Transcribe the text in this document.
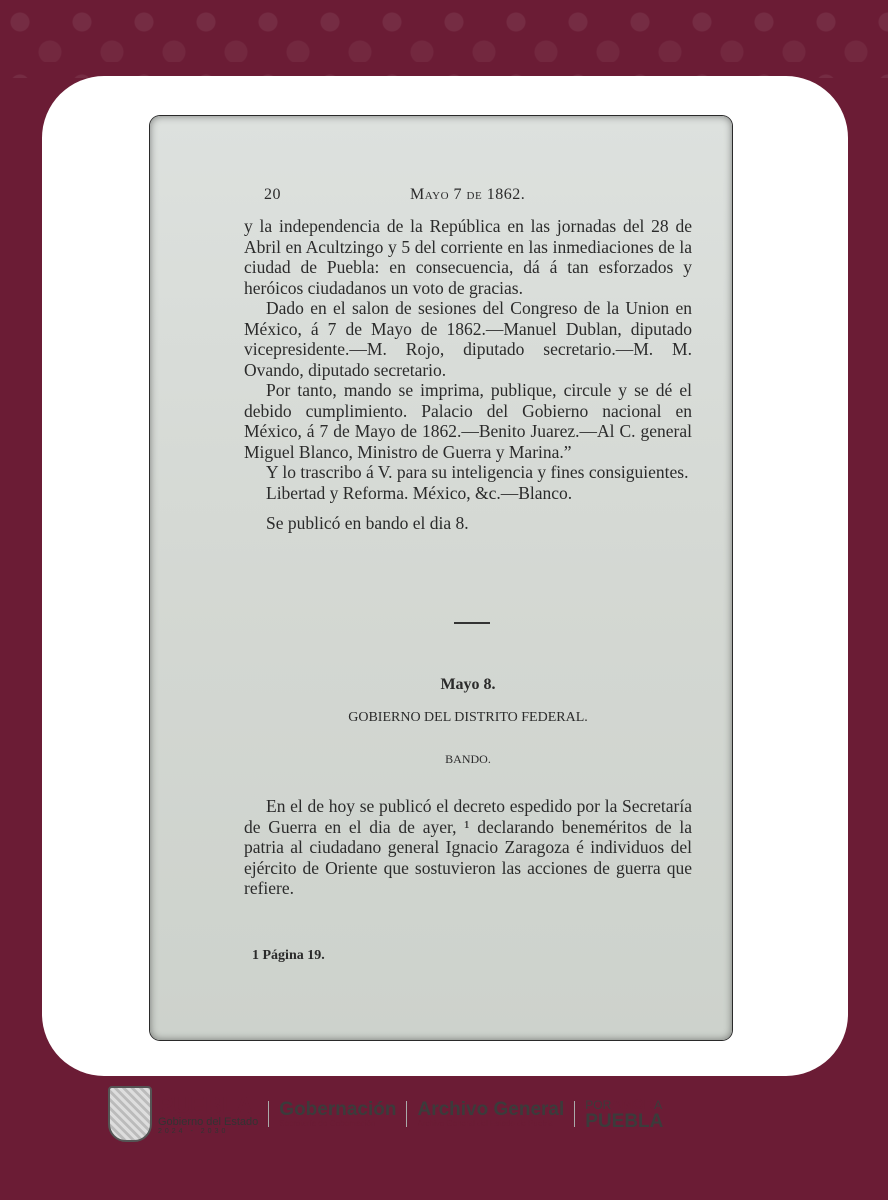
20	Mayo 7 de 1862.

y la independencia de la República en las jornadas del 28 de Abril en Acultzingo y 5 del corriente en las inmediaciones de la ciudad de Puebla: en consecuencia, dá á tan esforzados y heróicos ciudadanos un voto de gracias.

Dado en el salon de sesiones del Congreso de la Union en México, á 7 de Mayo de 1862.—Manuel Dublan, diputado vicepresidente.—M. Rojo, diputado secretario.—M. M. Ovando, diputado secretario.

Por tanto, mando se imprima, publique, circule y se dé el debido cumplimiento. Palacio del Gobierno nacional en México, á 7 de Mayo de 1862.—Benito Juarez.—Al C. general Miguel Blanco, Ministro de Guerra y Marina.”

Y lo trascribo á V. para su inteligencia y fines consiguientes.

Libertad y Reforma. México, &c.—Blanco.

Se publicó en bando el dia 8.

Mayo 8.
GOBIERNO DEL DISTRITO FEDERAL.
BANDO.

En el de hoy se publicó el decreto espedido por la Secretaría de Guerra en el dia de ayer, ¹ declarando beneméritos de la patria al ciudadano general Ignacio Zaragoza é individuos del ejército de Oriente que sostuvieron las acciones de guerra que refiere.

1 Página 19.
PUEBLA
Gobierno del Estado
2024 - 2030
Gobernación
Secretaría de Gobernación
Archivo General
Archivo General del Estado de Puebla
PORAMORA
PUEBLA
